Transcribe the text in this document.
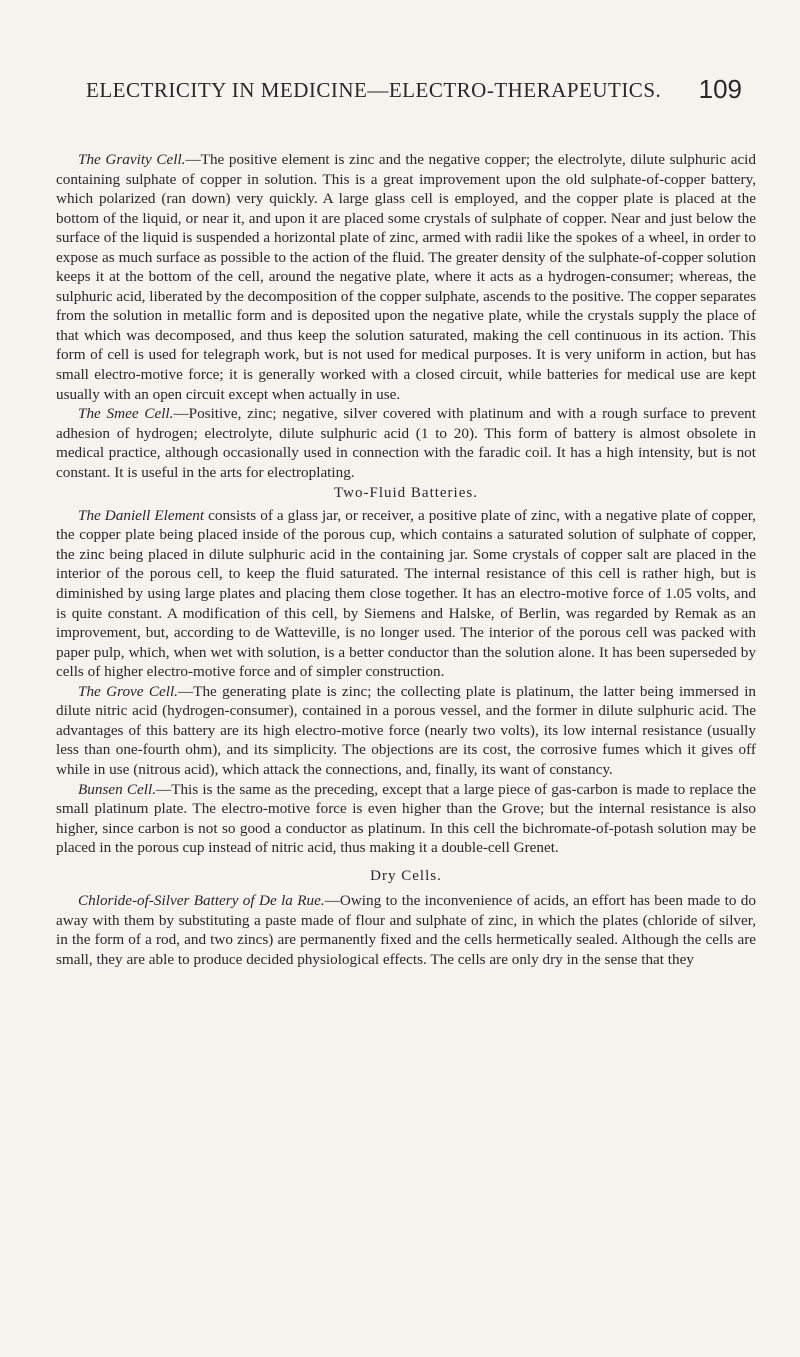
ELECTRICITY IN MEDICINE—ELECTRO-THERAPEUTICS. 109

The Gravity Cell.—The positive element is zinc and the negative copper; the electrolyte, dilute sulphuric acid containing sulphate of copper in solution. This is a great improvement upon the old sulphate-of-copper battery, which polarized (ran down) very quickly. A large glass cell is employed, and the copper plate is placed at the bottom of the liquid, or near it, and upon it are placed some crystals of sulphate of copper. Near and just below the surface of the liquid is suspended a horizontal plate of zinc, armed with radii like the spokes of a wheel, in order to expose as much surface as possible to the action of the fluid. The greater density of the sulphate-of-copper solution keeps it at the bottom of the cell, around the negative plate, where it acts as a hydrogen-consumer; whereas, the sulphuric acid, liberated by the decomposition of the copper sulphate, ascends to the positive. The copper separates from the solution in metallic form and is deposited upon the negative plate, while the crystals supply the place of that which was decomposed, and thus keep the solution saturated, making the cell continuous in its action. This form of cell is used for telegraph work, but is not used for medical purposes. It is very uniform in action, but has small electro-motive force; it is generally worked with a closed circuit, while batteries for medical use are kept usually with an open circuit except when actually in use.

The Smee Cell.—Positive, zinc; negative, silver covered with platinum and with a rough surface to prevent adhesion of hydrogen; electrolyte, dilute sulphuric acid (1 to 20). This form of battery is almost obsolete in medical practice, although occasionally used in connection with the faradic coil. It has a high intensity, but is not constant. It is useful in the arts for electroplating.

Two-Fluid Batteries.

The Daniell Element consists of a glass jar, or receiver, a positive plate of zinc, with a negative plate of copper, the copper plate being placed inside of the porous cup, which contains a saturated solution of sulphate of copper, the zinc being placed in dilute sulphuric acid in the containing jar. Some crystals of copper salt are placed in the interior of the porous cell, to keep the fluid saturated. The internal resistance of this cell is rather high, but is diminished by using large plates and placing them close together. It has an electro-motive force of 1.05 volts, and is quite constant. A modification of this cell, by Siemens and Halske, of Berlin, was regarded by Remak as an improvement, but, according to de Watteville, is no longer used. The interior of the porous cell was packed with paper pulp, which, when wet with solution, is a better conductor than the solution alone. It has been superseded by cells of higher electro-motive force and of simpler construction.

The Grove Cell.—The generating plate is zinc; the collecting plate is platinum, the latter being immersed in dilute nitric acid (hydrogen-consumer), contained in a porous vessel, and the former in dilute sulphuric acid. The advantages of this battery are its high electro-motive force (nearly two volts), its low internal resistance (usually less than one-fourth ohm), and its simplicity. The objections are its cost, the corrosive fumes which it gives off while in use (nitrous acid), which attack the connections, and, finally, its want of constancy.

Bunsen Cell.—This is the same as the preceding, except that a large piece of gas-carbon is made to replace the small platinum plate. The electro-motive force is even higher than the Grove; but the internal resistance is also higher, since carbon is not so good a conductor as platinum. In this cell the bichromate-of-potash solution may be placed in the porous cup instead of nitric acid, thus making it a double-cell Grenet.

Dry Cells.

Chloride-of-Silver Battery of De la Rue.—Owing to the inconvenience of acids, an effort has been made to do away with them by substituting a paste made of flour and sulphate of zinc, in which the plates (chloride of silver, in the form of a rod, and two zincs) are permanently fixed and the cells hermetically sealed. Although the cells are small, they are able to produce decided physiological effects. The cells are only dry in the sense that they
